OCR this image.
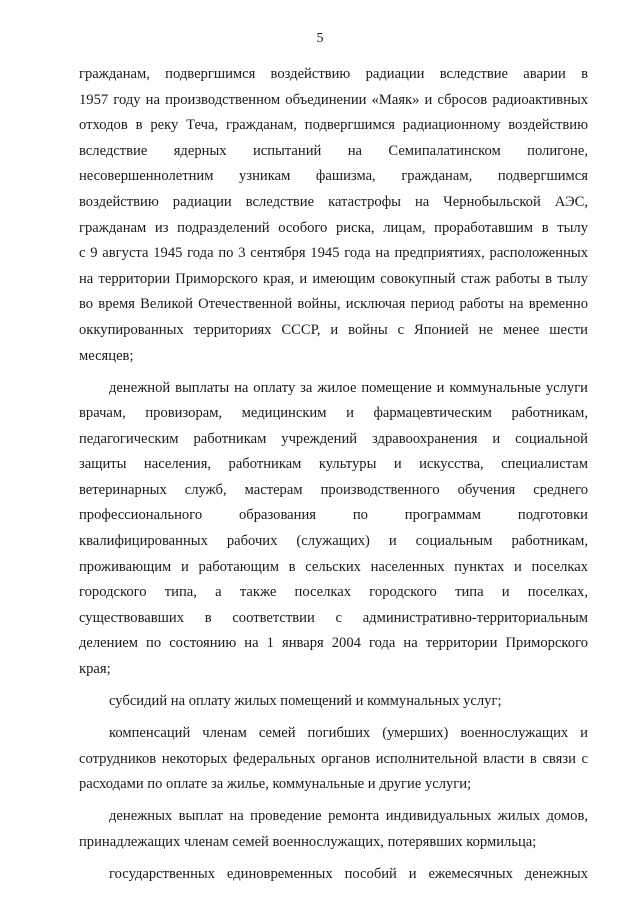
5
гражданам, подвергшимся воздействию радиации вследствие аварии в
1957 году на производственном объединении «Маяк» и сбросов радиоактивных
отходов в реку Теча, гражданам, подвергшимся радиационному воздействию
вследствие ядерных испытаний на Семипалатинском полигоне,
несовершеннолетним узникам фашизма, гражданам, подвергшимся
воздействию радиации вследствие катастрофы на Чернобыльской АЭС,
гражданам из подразделений особого риска, лицам, проработавшим в тылу
с 9 августа 1945 года по 3 сентября 1945 года на предприятиях, расположенных
на территории Приморского края, и имеющим совокупный стаж работы в тылу
во время Великой Отечественной войны, исключая период работы на временно
оккупированных территориях СССР, и войны с Японией не менее шести
месяцев;
денежной выплаты на оплату за жилое помещение и коммунальные услуги
врачам, провизорам, медицинским и фармацевтическим работникам,
педагогическим работникам учреждений здравоохранения и социальной
защиты населения, работникам культуры и искусства, специалистам
ветеринарных служб, мастерам производственного обучения среднего
профессионального образования по программам подготовки
квалифицированных рабочих (служащих) и социальным работникам,
проживающим и работающим в сельских населенных пунктах и поселках
городского типа, а также поселках городского типа и поселках,
существовавших в соответствии с административно-территориальным
делением по состоянию на 1 января 2004 года на территории Приморского
края;
субсидий на оплату жилых помещений и коммунальных услуг;
компенсаций членам семей погибших (умерших) военнослужащих и
сотрудников некоторых федеральных органов исполнительной власти в связи с
расходами по оплате за жилье, коммунальные и другие услуги;
денежных выплат на проведение ремонта индивидуальных жилых домов,
принадлежащих членам семей военнослужащих, потерявших кормильца;
государственных единовременных пособий и ежемесячных денежных
